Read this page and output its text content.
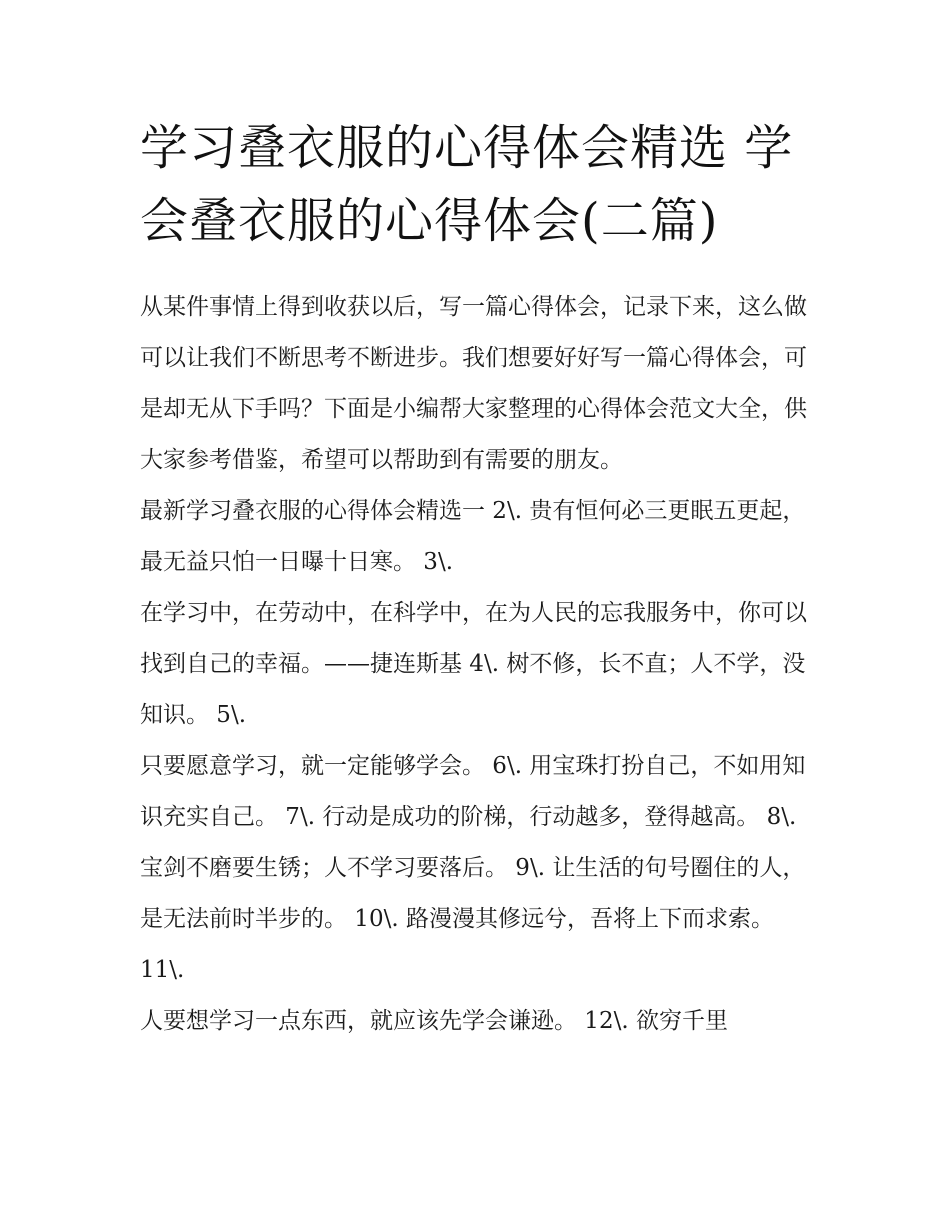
学习叠衣服的心得体会精选 学会叠衣服的心得体会(二篇)

从某件事情上得到收获以后，写一篇心得体会，记录下来，这么做可以让我们不断思考不断进步。我们想要好好写一篇心得体会，可是却无从下手吗？下面是小编帮大家整理的心得体会范文大全，供大家参考借鉴，希望可以帮助到有需要的朋友。

最新学习叠衣服的心得体会精选一 2\. 贵有恒何必三更眠五更起，最无益只怕一日曝十日寒。 3\.

在学习中，在劳动中，在科学中，在为人民的忘我服务中，你可以找到自己的幸福。——捷连斯基 4\. 树不修，长不直；人不学，没知识。 5\.

只要愿意学习，就一定能够学会。 6\. 用宝珠打扮自己，不如用知识充实自己。 7\. 行动是成功的阶梯，行动越多，登得越高。 8\.

宝剑不磨要生锈；人不学习要落后。 9\. 让生活的句号圈住的人，是无法前时半步的。 10\. 路漫漫其修远兮，吾将上下而求索。 11\.

人要想学习一点东西，就应该先学会谦逊。 12\. 欲穷千里
